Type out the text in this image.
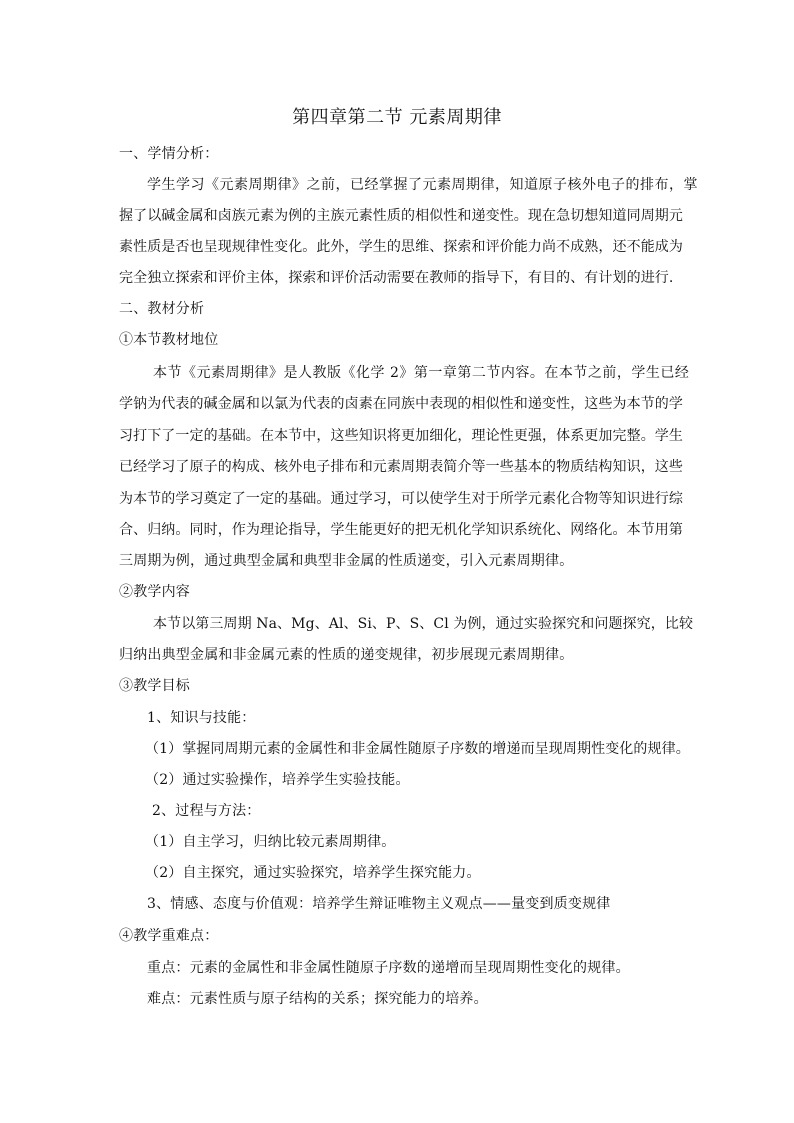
第四章第二节 元素周期律
一、学情分析：
学生学习《元素周期律》之前，已经掌握了元素周期律，知道原子核外电子的排布，掌
握了以碱金属和卤族元素为例的主族元素性质的相似性和递变性。现在急切想知道同周期元
素性质是否也呈现规律性变化。此外，学生的思维、探索和评价能力尚不成熟，还不能成为
完全独立探索和评价主体，探索和评价活动需要在教师的指导下，有目的、有计划的进行.
二、教材分析
①本节教材地位
本节《元素周期律》是人教版《化学 2》第一章第二节内容。在本节之前，学生已经
学钠为代表的碱金属和以氯为代表的卤素在同族中表现的相似性和递变性，这些为本节的学
习打下了一定的基础。在本节中，这些知识将更加细化，理论性更强，体系更加完整。学生
已经学习了原子的构成、核外电子排布和元素周期表简介等一些基本的物质结构知识，这些
为本节的学习奠定了一定的基础。通过学习，可以使学生对于所学元素化合物等知识进行综
合、归纳。同时，作为理论指导，学生能更好的把无机化学知识系统化、网络化。本节用第
三周期为例，通过典型金属和典型非金属的性质递变，引入元素周期律。
②教学内容
本节以第三周期 Na、Mg、Al、Si、P、S、Cl 为例，通过实验探究和问题探究，比较
归纳出典型金属和非金属元素的性质的递变规律，初步展现元素周期律。
③教学目标
1、知识与技能：
（1）掌握同周期元素的金属性和非金属性随原子序数的增递而呈现周期性变化的规律。
（2）通过实验操作，培养学生实验技能。
2、过程与方法：
（1）自主学习，归纳比较元素周期律。
（2）自主探究，通过实验探究，培养学生探究能力。
3、情感、态度与价值观：培养学生辩证唯物主义观点——量变到质变规律
④教学重难点：
重点：元素的金属性和非金属性随原子序数的递增而呈现周期性变化的规律。
难点：元素性质与原子结构的关系；探究能力的培养。
